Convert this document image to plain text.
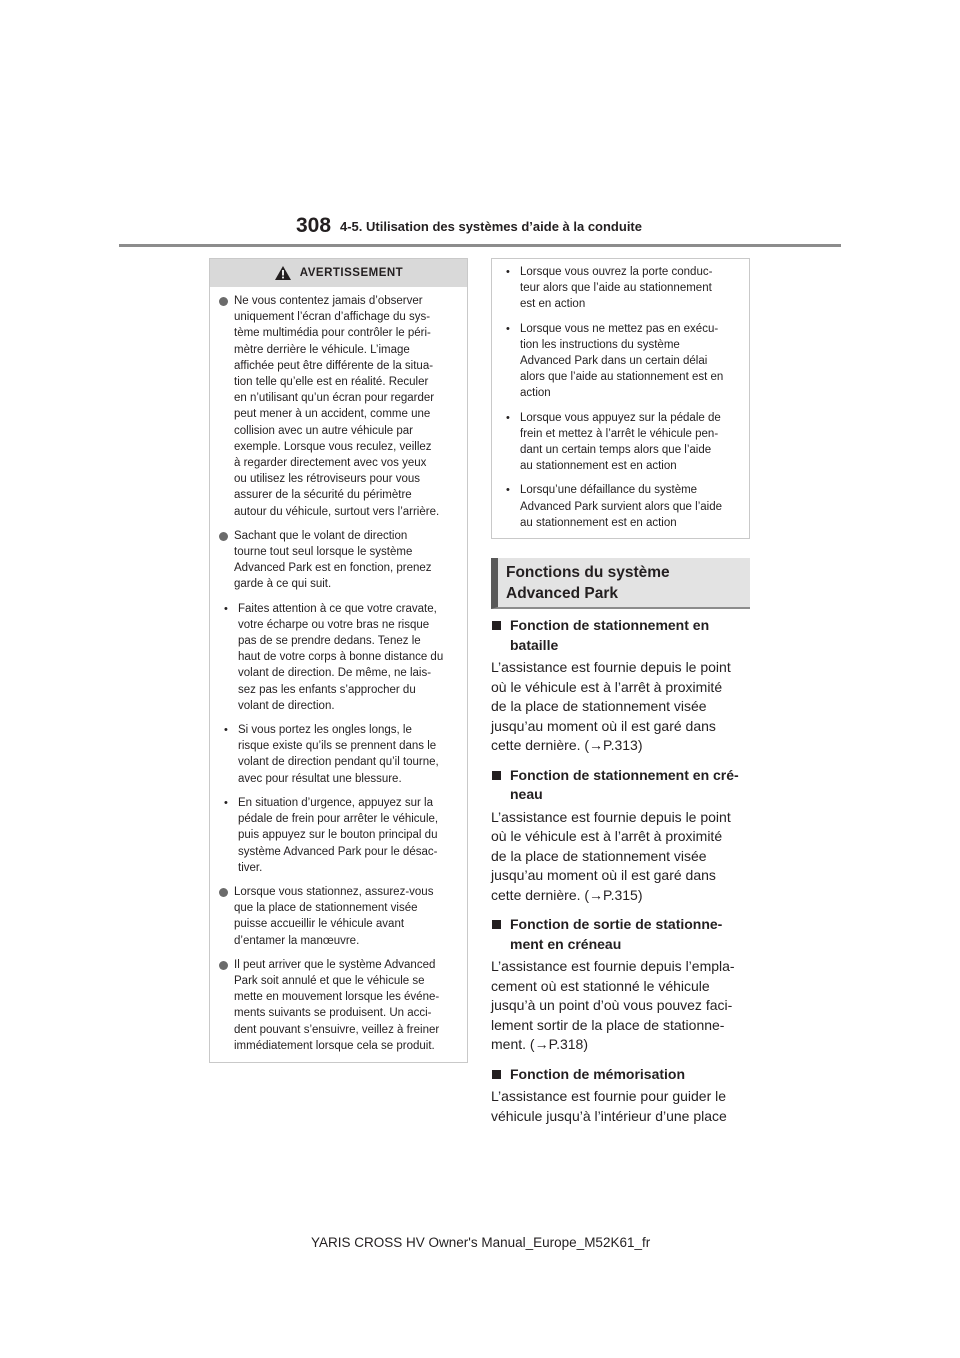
308 4-5. Utilisation des systèmes d’aide à la conduite
AVERTISSEMENT
Ne vous contentez jamais d’observer
uniquement l’écran d’affichage du sys-
tème multimédia pour contrôler le péri-
mètre derrière le véhicule. L’image
affichée peut être différente de la situa-
tion telle qu’elle est en réalité. Reculer
en n’utilisant qu’un écran pour regarder
peut mener à un accident, comme une
collision avec un autre véhicule par
exemple. Lorsque vous reculez, veillez
à regarder directement avec vos yeux
ou utilisez les rétroviseurs pour vous
assurer de la sécurité du périmètre
autour du véhicule, surtout vers l’arrière.
Sachant que le volant de direction
tourne tout seul lorsque le système
Advanced Park est en fonction, prenez
garde à ce qui suit.
• Faites attention à ce que votre cravate,
votre écharpe ou votre bras ne risque
pas de se prendre dedans. Tenez le
haut de votre corps à bonne distance du
volant de direction. De même, ne lais-
sez pas les enfants s’approcher du
volant de direction.
• Si vous portez les ongles longs, le
risque existe qu’ils se prennent dans le
volant de direction pendant qu’il tourne,
avec pour résultat une blessure.
• En situation d’urgence, appuyez sur la
pédale de frein pour arrêter le véhicule,
puis appuyez sur le bouton principal du
système Advanced Park pour le désac-
tiver.
Lorsque vous stationnez, assurez-vous
que la place de stationnement visée
puisse accueillir le véhicule avant
d’entamer la manœuvre.
Il peut arriver que le système Advanced
Park soit annulé et que le véhicule se
mette en mouvement lorsque les événe-
ments suivants se produisent. Un acci-
dent pouvant s’ensuivre, veillez à freiner
immédiatement lorsque cela se produit.
• Lorsque vous ouvrez la porte conduc-
teur alors que l’aide au stationnement
est en action
• Lorsque vous ne mettez pas en exécu-
tion les instructions du système
Advanced Park dans un certain délai
alors que l’aide au stationnement est en
action
• Lorsque vous appuyez sur la pédale de
frein et mettez à l’arrêt le véhicule pen-
dant un certain temps alors que l’aide
au stationnement est en action
• Lorsqu’une défaillance du système
Advanced Park survient alors que l’aide
au stationnement est en action
Fonctions du système
Advanced Park
Fonction de stationnement en
bataille
L’assistance est fournie depuis le point
où le véhicule est à l’arrêt à proximité
de la place de stationnement visée
jusqu’au moment où il est garé dans
cette dernière. (→P.313)
Fonction de stationnement en cré-
neau
L’assistance est fournie depuis le point
où le véhicule est à l’arrêt à proximité
de la place de stationnement visée
jusqu’au moment où il est garé dans
cette dernière. (→P.315)
Fonction de sortie de stationne-
ment en créneau
L’assistance est fournie depuis l’empla-
cement où est stationné le véhicule
jusqu’à un point d’où vous pouvez faci-
lement sortir de la place de stationne-
ment. (→P.318)
Fonction de mémorisation
L’assistance est fournie pour guider le
véhicule jusqu’à l’intérieur d’une place
YARIS CROSS HV Owner's Manual_Europe_M52K61_fr
